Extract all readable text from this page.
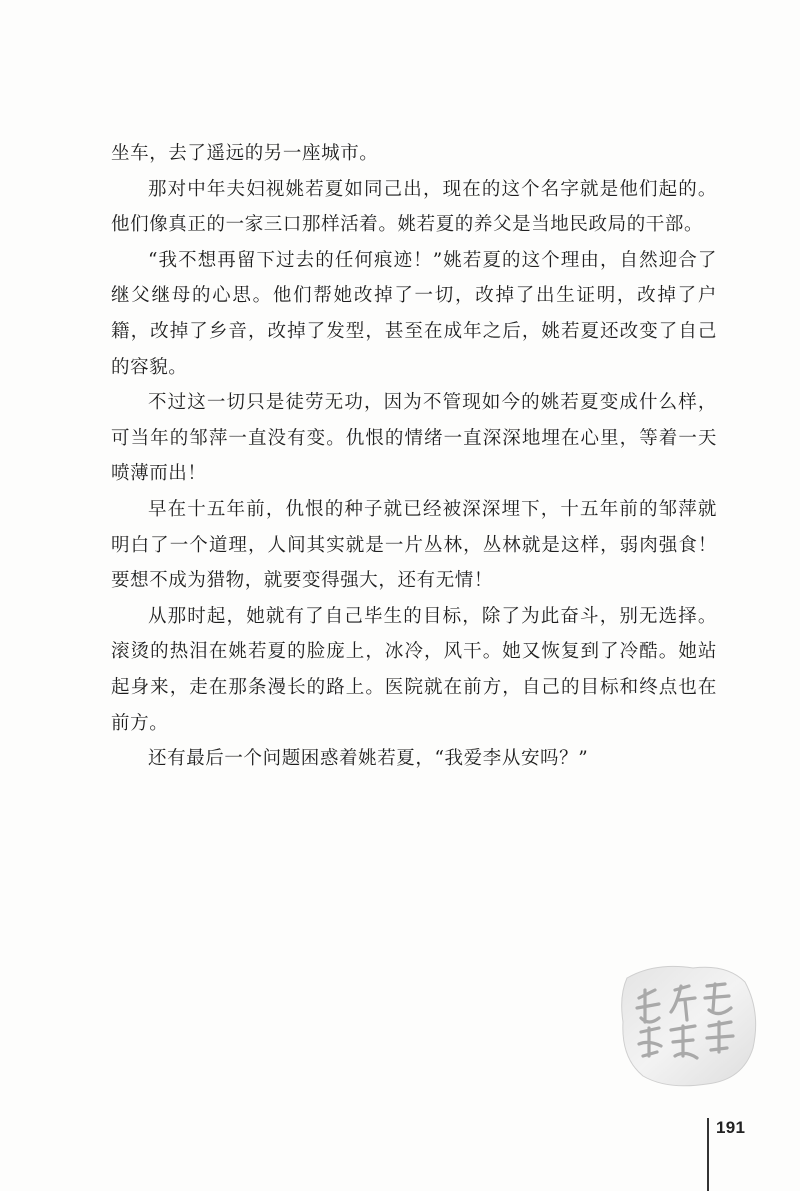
坐车，去了遥远的另一座城市。

那对中年夫妇视姚若夏如同己出，现在的这个名字就是他们起的。他们像真正的一家三口那样活着。姚若夏的养父是当地民政局的干部。

“我不想再留下过去的任何痕迹！”姚若夏的这个理由，自然迎合了继父继母的心思。他们帮她改掉了一切，改掉了出生证明，改掉了户籍，改掉了乡音，改掉了发型，甚至在成年之后，姚若夏还改变了自己的容貌。

不过这一切只是徒劳无功，因为不管现如今的姚若夏变成什么样，可当年的邹萍一直没有变。仇恨的情绪一直深深地埋在心里，等着一天喷薄而出！

早在十五年前，仇恨的种子就已经被深深埋下，十五年前的邹萍就明白了一个道理，人间其实就是一片丛林，丛林就是这样，弱肉强食！要想不成为猎物，就要变得强大，还有无情！

从那时起，她就有了自己毕生的目标，除了为此奋斗，别无选择。滚烫的热泪在姚若夏的脸庞上，冰冷，风干。她又恢复到了冷酷。她站起身来，走在那条漫长的路上。医院就在前方，自己的目标和终点也在前方。

还有最后一个问题困惑着姚若夏，“我爱李从安吗？”

191
